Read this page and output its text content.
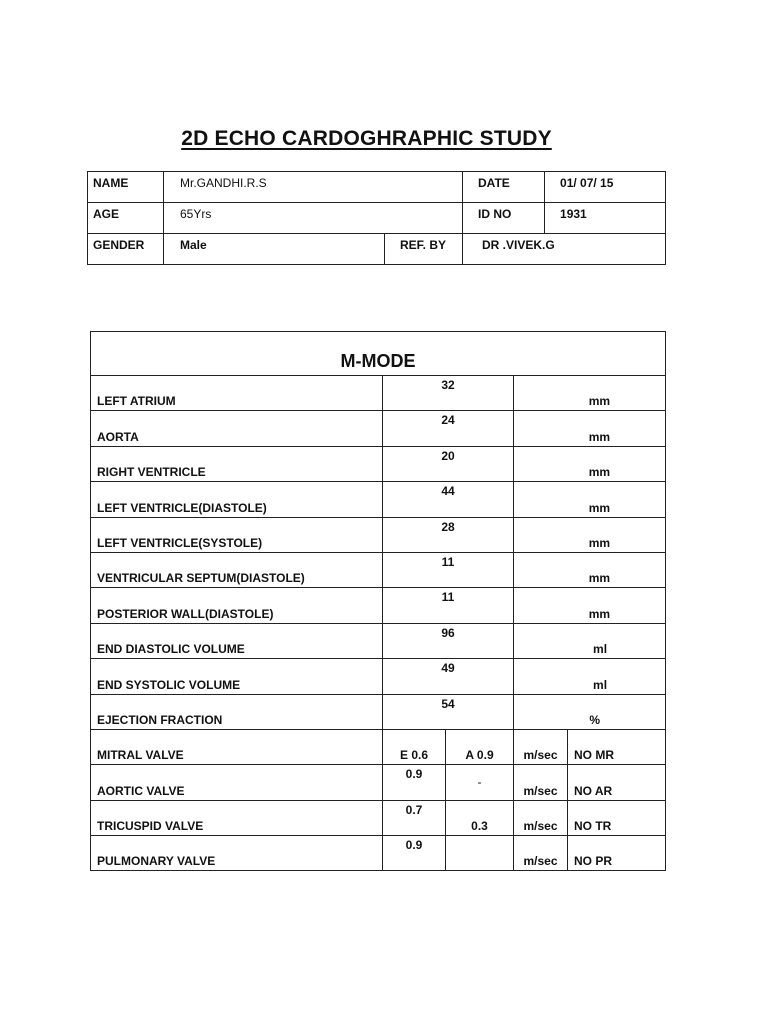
2D ECHO CARDOGHRAPHIC STUDY
NAME	Mr.GANDHI.R.S		DATE	01/ 07/ 15
AGE	65Yrs		ID NO	1931
GENDER	Male	REF. BY	DR .VIVEK.G	
M-MODE				
LEFT ATRIUM	32		mm	
AORTA	24		mm	
RIGHT VENTRICLE	20		mm	
LEFT VENTRICLE(DIASTOLE)	44		mm	
LEFT VENTRICLE(SYSTOLE)	28		mm	
VENTRICULAR SEPTUM(DIASTOLE)	11		mm	
POSTERIOR WALL(DIASTOLE)	11		mm	
END DIASTOLIC VOLUME	96		ml	
END SYSTOLIC VOLUME	49		ml	
EJECTION FRACTION	54		%	
MITRAL VALVE	E 0.6	A 0.9	m/sec	NO MR
AORTIC VALVE	0.9	-	m/sec	NO AR
TRICUSPID VALVE	0.7	0.3	m/sec	NO TR
PULMONARY VALVE	0.9		m/sec	NO PR
